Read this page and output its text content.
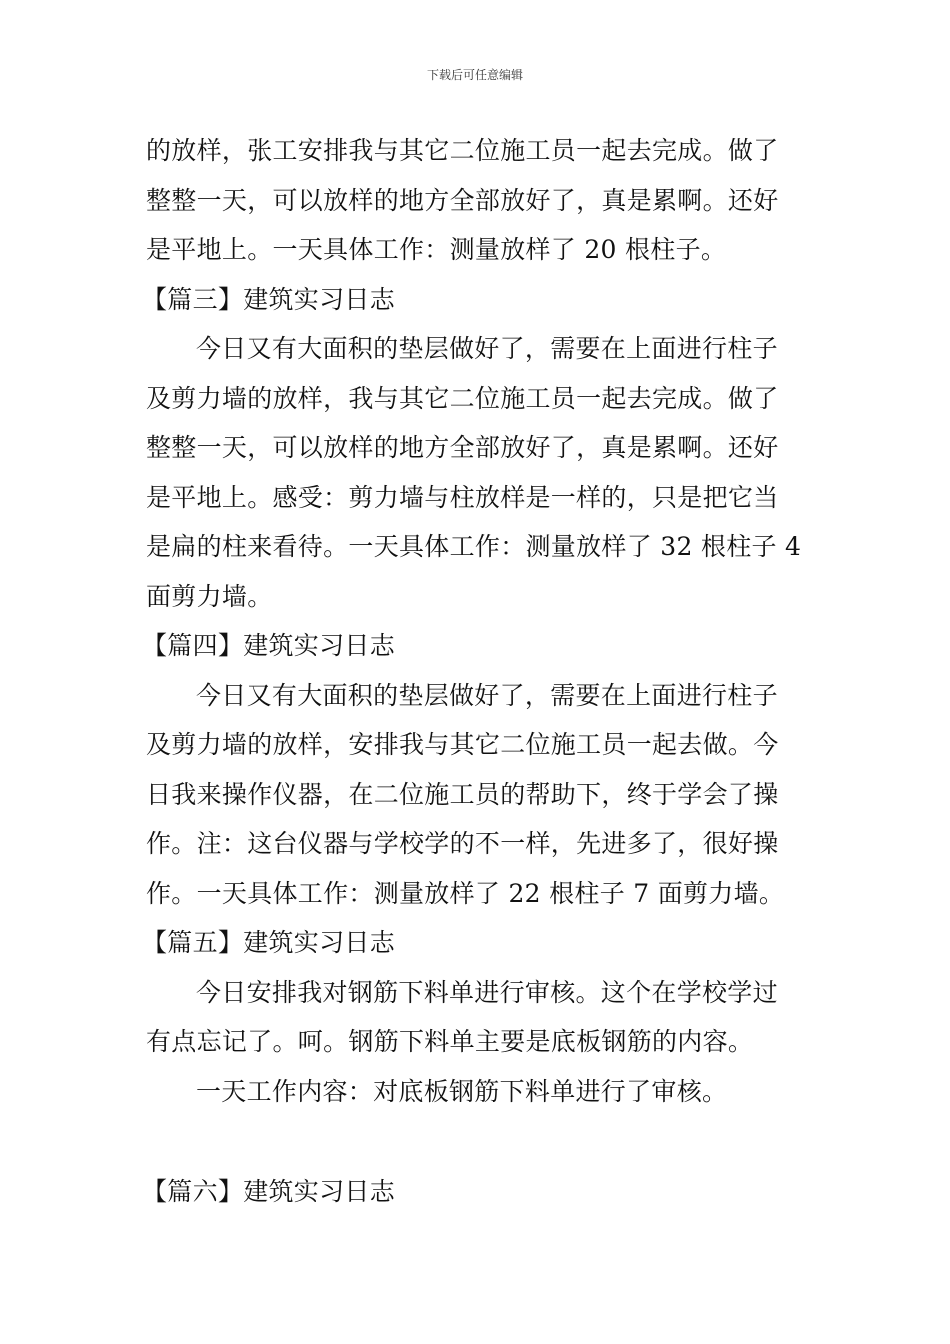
下载后可任意编辑
的放样，张工安排我与其它二位施工员一起去完成。做了
整整一天，可以放样的地方全部放好了，真是累啊。还好
是平地上。一天具体工作：测量放样了 20 根柱子。
【篇三】建筑实习日志
今日又有大面积的垫层做好了，需要在上面进行柱子
及剪力墙的放样，我与其它二位施工员一起去完成。做了
整整一天，可以放样的地方全部放好了，真是累啊。还好
是平地上。感受：剪力墙与柱放样是一样的，只是把它当
是扁的柱来看待。一天具体工作：测量放样了 32 根柱子 4
面剪力墙。
【篇四】建筑实习日志
今日又有大面积的垫层做好了，需要在上面进行柱子
及剪力墙的放样，安排我与其它二位施工员一起去做。今
日我来操作仪器，在二位施工员的帮助下，终于学会了操
作。注：这台仪器与学校学的不一样，先进多了，很好操
作。一天具体工作：测量放样了 22 根柱子 7 面剪力墙。
【篇五】建筑实习日志
今日安排我对钢筋下料单进行审核。这个在学校学过
有点忘记了。呵。钢筋下料单主要是底板钢筋的内容。
一天工作内容：对底板钢筋下料单进行了审核。
【篇六】建筑实习日志
